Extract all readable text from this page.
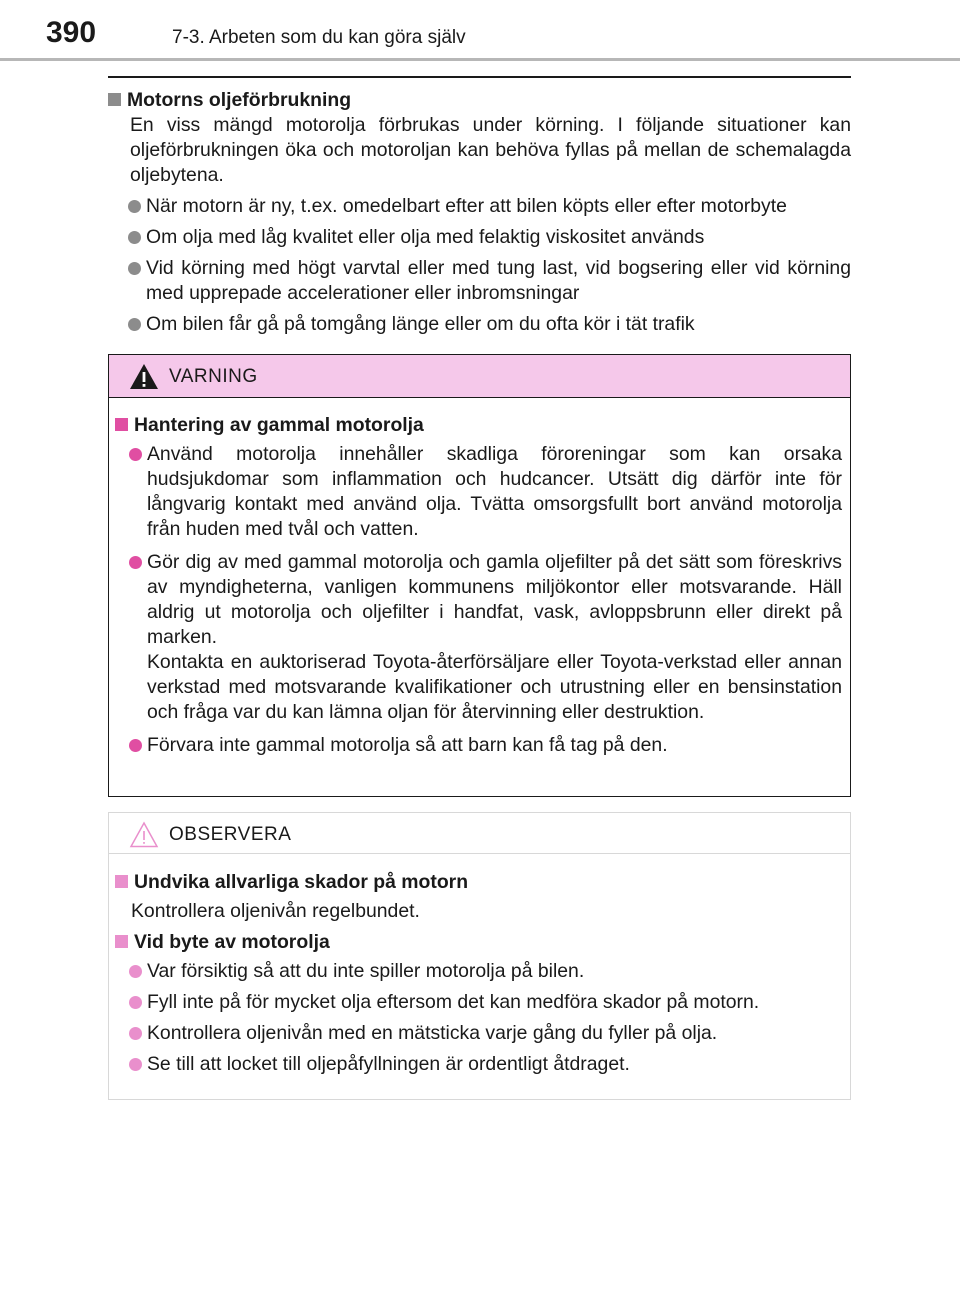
390	7-3. Arbeten som du kan göra själv
Motorns oljeförbrukning
En viss mängd motorolja förbrukas under körning. I följande situationer kan oljeförbrukningen öka och motoroljan kan behöva fyllas på mellan de schemalagda oljebytena.
När motorn är ny, t.ex. omedelbart efter att bilen köpts eller efter motorbyte
Om olja med låg kvalitet eller olja med felaktig viskositet används
Vid körning med högt varvtal eller med tung last, vid bogsering eller vid körning med upprepade accelerationer eller inbromsningar
Om bilen får gå på tomgång länge eller om du ofta kör i tät trafik
VARNING
Hantering av gammal motorolja
Använd motorolja innehåller skadliga föroreningar som kan orsaka hudsjukdomar som inflammation och hudcancer. Utsätt dig därför inte för långvarig kontakt med använd olja. Tvätta omsorgsfullt bort använd motorolja från huden med tvål och vatten.
Gör dig av med gammal motorolja och gamla oljefilter på det sätt som föreskrivs av myndigheterna, vanligen kommunens miljökontor eller motsvarande. Häll aldrig ut motorolja och oljefilter i handfat, vask, avloppsbrunn eller direkt på marken.
Kontakta en auktoriserad Toyota-återförsäljare eller Toyota-verkstad eller annan verkstad med motsvarande kvalifikationer och utrustning eller en bensinstation och fråga var du kan lämna oljan för återvinning eller destruktion.
Förvara inte gammal motorolja så att barn kan få tag på den.
OBSERVERA
Undvika allvarliga skador på motorn
Kontrollera oljenivån regelbundet.
Vid byte av motorolja
Var försiktig så att du inte spiller motorolja på bilen.
Fyll inte på för mycket olja eftersom det kan medföra skador på motorn.
Kontrollera oljenivån med en mätsticka varje gång du fyller på olja.
Se till att locket till oljepåfyllningen är ordentligt åtdraget.
